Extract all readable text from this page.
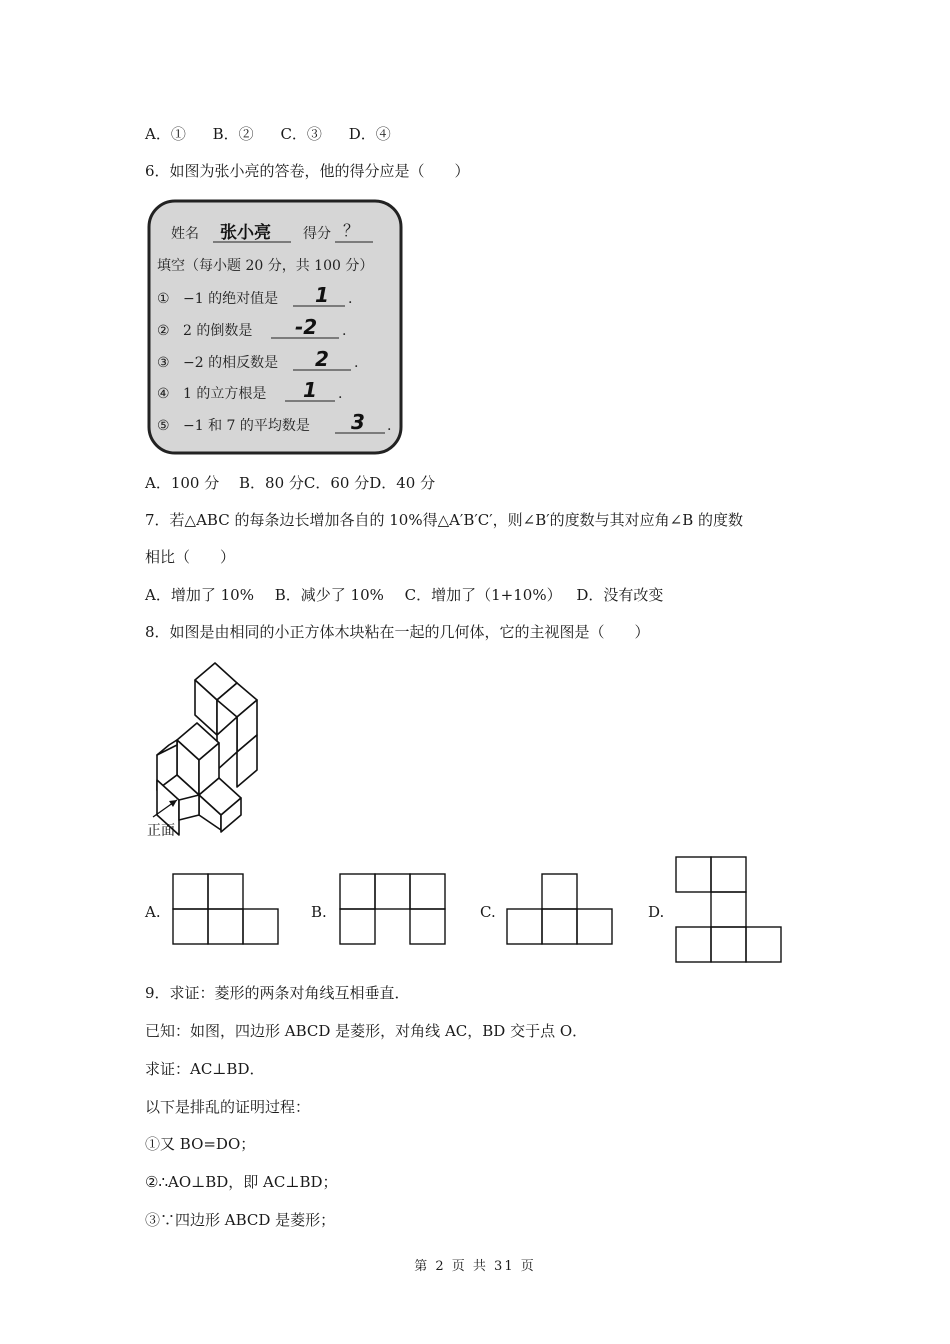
A．① B．② C．③ D．④
6．如图为张小亮的答卷，他的得分应是（　　）
姓名 张小亮 得分 ？
填空（每小题 20 分，共 100 分）
① −1 的绝对值是 1 .
② 2 的倒数是 -2 .
③ −2 的相反数是 2 .
④ 1 的立方根是 1 .
⑤ −1 和 7 的平均数是 3 .
A．100 分　 B．80 分C．60 分D．40 分
7．若△ABC 的每条边长增加各自的 10%得△A′B′C′，则∠B′的度数与其对应角∠B 的度数
相比（　　）
A．增加了 10% B．减少了 10% C．增加了（1+10%） D．没有改变
8．如图是由相同的小正方体木块粘在一起的几何体，它的主视图是（　　）
正面
A.	B.	C.	D.
9．求证：菱形的两条对角线互相垂直．
已知：如图，四边形 ABCD 是菱形，对角线 AC，BD 交于点 O．
求证：AC⊥BD．
以下是排乱的证明过程：
①又 BO=DO；
②∴AO⊥BD，即 AC⊥BD；
③∵四边形 ABCD 是菱形；
第 2 页 共 31 页
